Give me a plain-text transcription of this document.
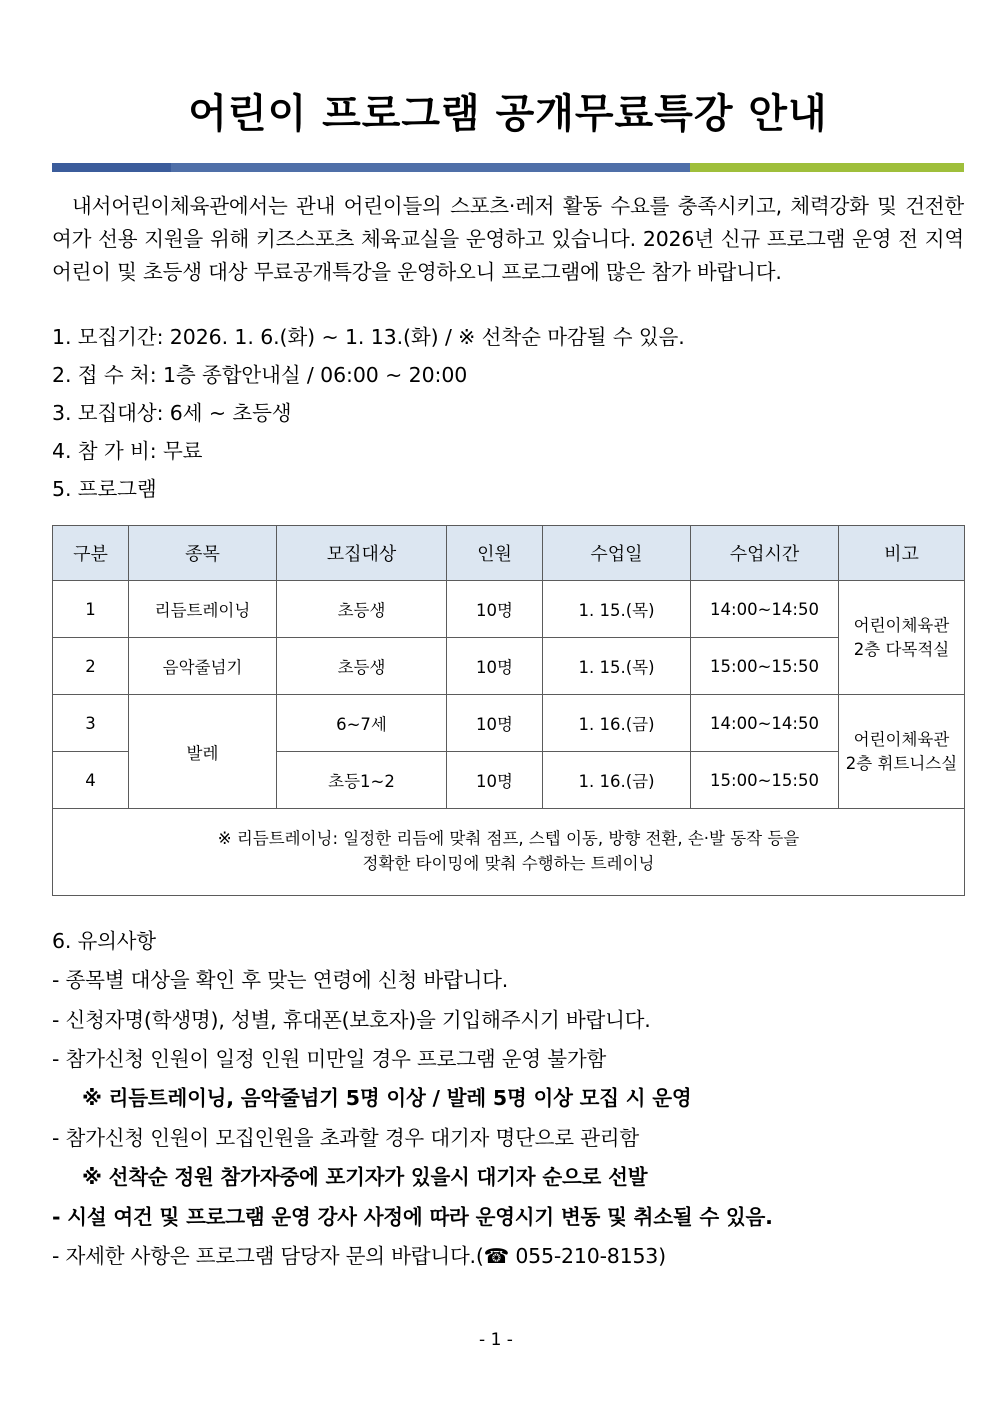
어린이 프로그램 공개무료특강 안내

내서어린이체육관에서는 관내 어린이들의 스포츠·레저 활동 수요를 충족시키고, 체력강화 및 건전한 여가 선용 지원을 위해 키즈스포츠 체육교실을 운영하고 있습니다. 2026년 신규 프로그램 운영 전 지역 어린이 및 초등생 대상 무료공개특강을 운영하오니 프로그램에 많은 참가 바랍니다.

1. 모집기간: 2026. 1. 6.(화) ~ 1. 13.(화) / ※ 선착순 마감될 수 있음.
2. 접 수 처: 1층 종합안내실 / 06:00 ~ 20:00
3. 모집대상: 6세 ~ 초등생
4. 참 가 비: 무료
5. 프로그램
구분	종목	모집대상	인원	수업일	수업시간	비고
1	리듬트레이닝	초등생	10명	1. 15.(목)	14:00~14:50	어린이체육관
2층 다목적실

2	음악줄넘기	초등생	10명	1. 15.(목)	15:00~15:50	
3	발레	6~7세	10명	1. 16.(금)	14:00~14:50	어린이체육관
2층 휘트니스실

4		초등1~2	10명	1. 16.(금)	15:00~15:50	

※ 리듬트레이닝: 일정한 리듬에 맞춰 점프, 스텝 이동, 방향 전환, 손·발 동작 등을
정확한 타이밍에 맞춰 수행하는 트레이닝						
6. 유의사항
- 종목별 대상을 확인 후 맞는 연령에 신청 바랍니다.
- 신청자명(학생명), 성별, 휴대폰(보호자)을 기입해주시기 바랍니다.
- 참가신청 인원이 일정 인원 미만일 경우 프로그램 운영 불가함
※ 리듬트레이닝, 음악줄넘기 5명 이상 / 발레 5명 이상 모집 시 운영
- 참가신청 인원이 모집인원을 초과할 경우 대기자 명단으로 관리함
※ 선착순 정원 참가자중에 포기자가 있을시 대기자 순으로 선발
- 시설 여건 및 프로그램 운영 강사 사정에 따라 운영시기 변동 및 취소될 수 있음.
- 자세한 사항은 프로그램 담당자 문의 바랍니다.(☎ 055-210-8153)
- 1 -
